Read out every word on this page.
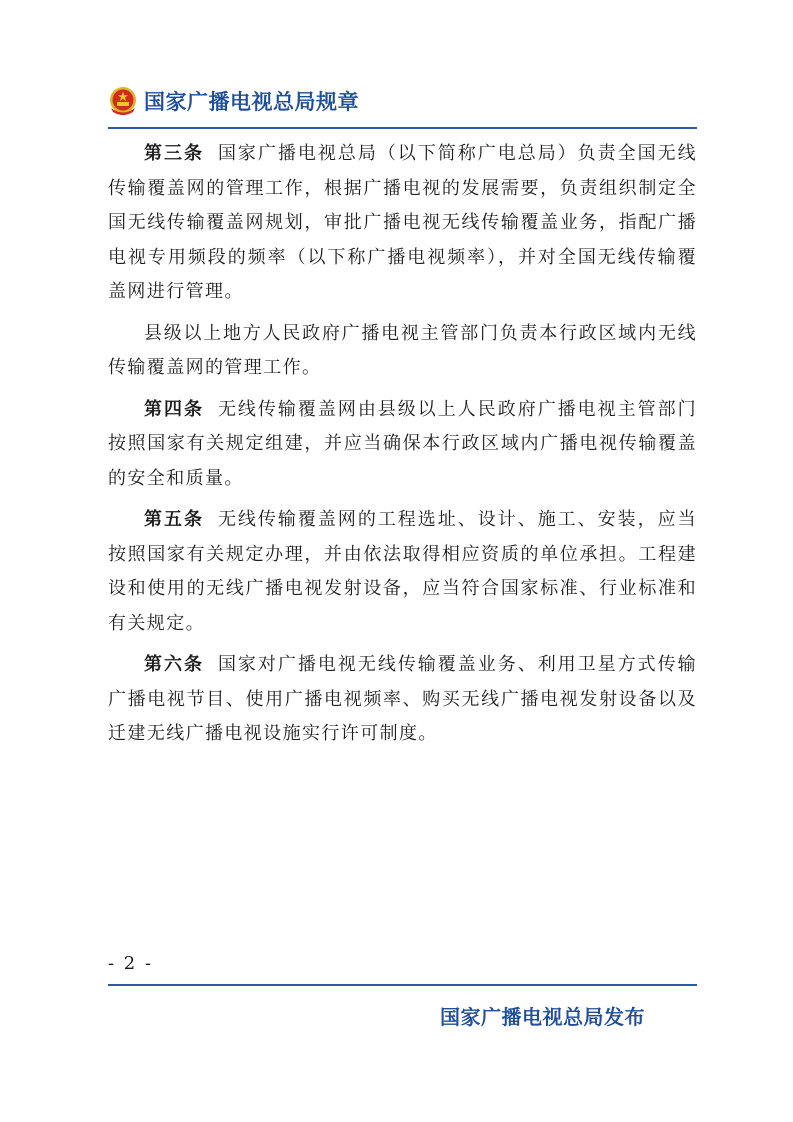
国家广播电视总局规章

第三条 国家广播电视总局（以下简称广电总局）负责全国无线传输覆盖网的管理工作，根据广播电视的发展需要，负责组织制定全国无线传输覆盖网规划，审批广播电视无线传输覆盖业务，指配广播电视专用频段的频率（以下称广播电视频率），并对全国无线传输覆盖网进行管理。

县级以上地方人民政府广播电视主管部门负责本行政区域内无线传输覆盖网的管理工作。

第四条 无线传输覆盖网由县级以上人民政府广播电视主管部门按照国家有关规定组建，并应当确保本行政区域内广播电视传输覆盖的安全和质量。

第五条 无线传输覆盖网的工程选址、设计、施工、安装，应当按照国家有关规定办理，并由依法取得相应资质的单位承担。工程建设和使用的无线广播电视发射设备，应当符合国家标准、行业标准和有关规定。

第六条 国家对广播电视无线传输覆盖业务、利用卫星方式传输广播电视节目、使用广播电视频率、购买无线广播电视发射设备以及迁建无线广播电视设施实行许可制度。

- 2 -
国家广播电视总局发布
